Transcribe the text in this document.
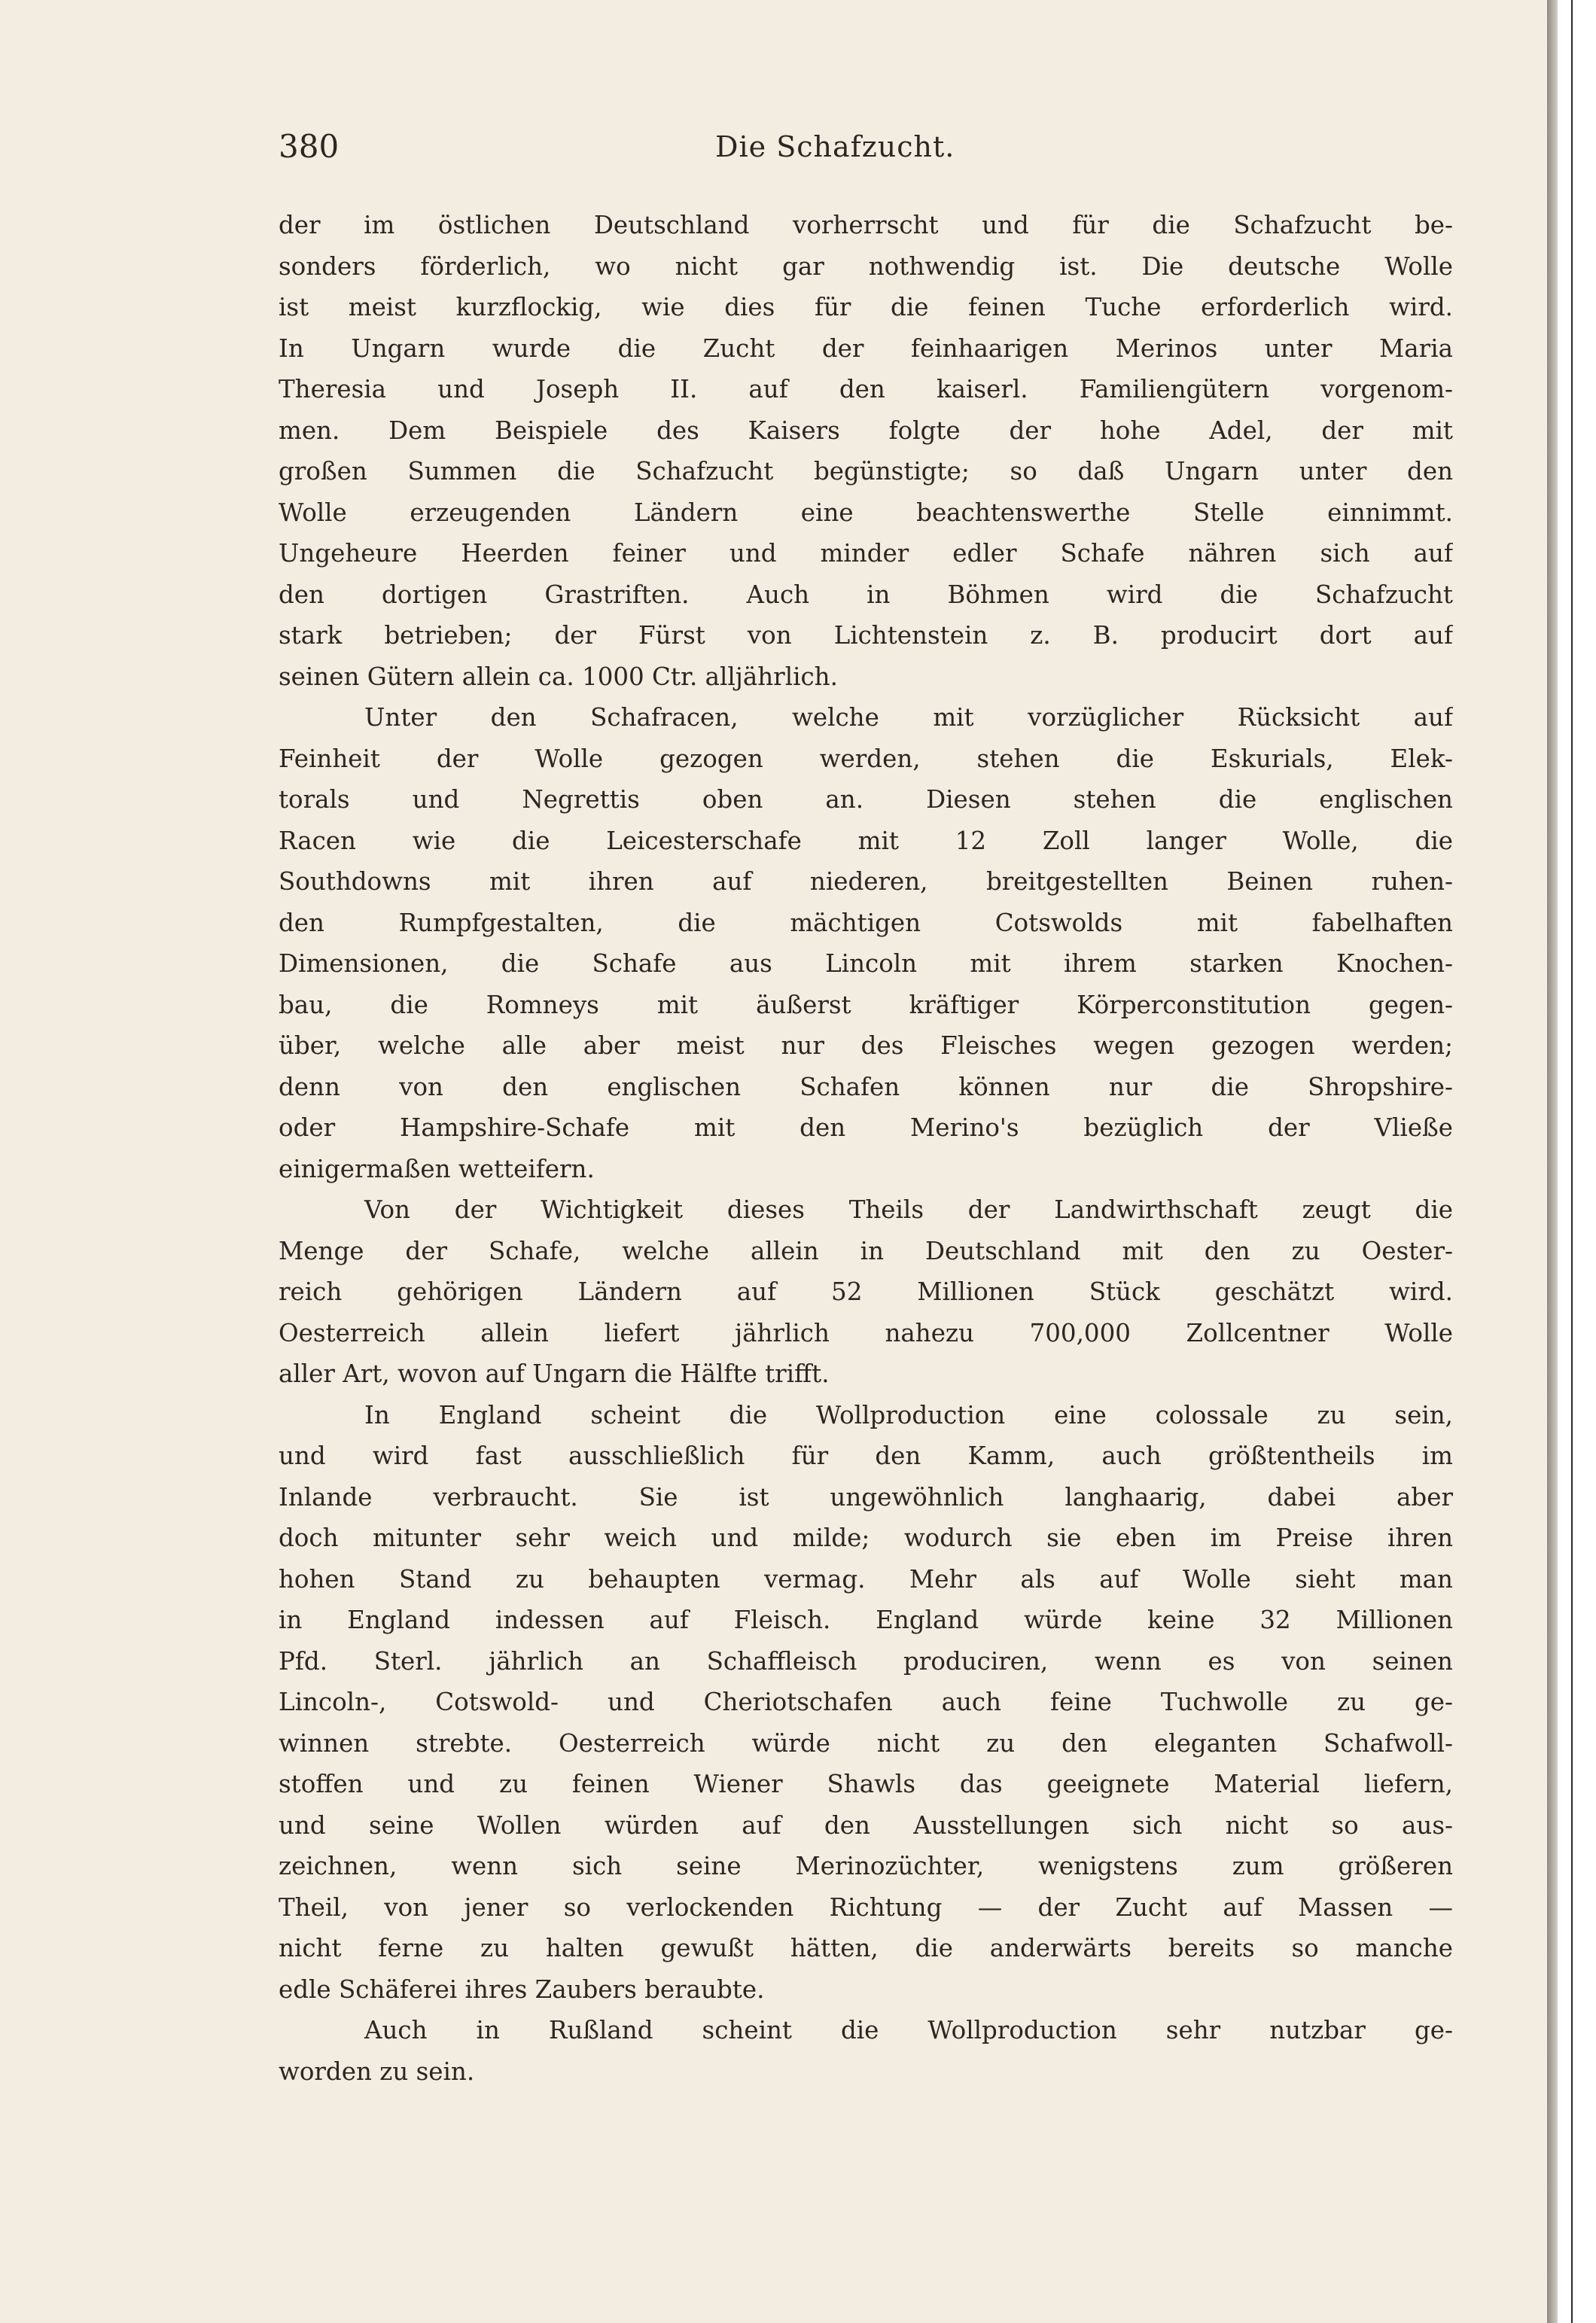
380	Die Schafzucht.
der im östlichen Deutschland vorherrscht und für die Schafzucht be-
sonders förderlich, wo nicht gar nothwendig ist. Die deutsche Wolle
ist meist kurzflockig, wie dies für die feinen Tuche erforderlich wird.
In Ungarn wurde die Zucht der feinhaarigen Merinos unter Maria
Theresia und Joseph II. auf den kaiserl. Familiengütern vorgenom-
men. Dem Beispiele des Kaisers folgte der hohe Adel, der mit
großen Summen die Schafzucht begünstigte; so daß Ungarn unter den
Wolle erzeugenden Ländern eine beachtenswerthe Stelle einnimmt.
Ungeheure Heerden feiner und minder edler Schafe nähren sich auf
den dortigen Grastriften. Auch in Böhmen wird die Schafzucht
stark betrieben; der Fürst von Lichtenstein z. B. producirt dort auf
seinen Gütern allein ca. 1000 Ctr. alljährlich.
Unter den Schafracen, welche mit vorzüglicher Rücksicht auf
Feinheit der Wolle gezogen werden, stehen die Eskurials, Elek-
torals und Negrettis oben an. Diesen stehen die englischen
Racen wie die Leicesterschafe mit 12 Zoll langer Wolle, die
Southdowns mit ihren auf niederen, breitgestellten Beinen ruhen-
den Rumpfgestalten, die mächtigen Cotswolds mit fabelhaften
Dimensionen, die Schafe aus Lincoln mit ihrem starken Knochen-
bau, die Romneys mit äußerst kräftiger Körperconstitution gegen-
über, welche alle aber meist nur des Fleisches wegen gezogen werden;
denn von den englischen Schafen können nur die Shropshire-
oder Hampshire-Schafe mit den Merino's bezüglich der Vließe
einigermaßen wetteifern.
Von der Wichtigkeit dieses Theils der Landwirthschaft zeugt die
Menge der Schafe, welche allein in Deutschland mit den zu Oester-
reich gehörigen Ländern auf 52 Millionen Stück geschätzt wird.
Oesterreich allein liefert jährlich nahezu 700,000 Zollcentner Wolle
aller Art, wovon auf Ungarn die Hälfte trifft.
In England scheint die Wollproduction eine colossale zu sein,
und wird fast ausschließlich für den Kamm, auch größtentheils im
Inlande verbraucht. Sie ist ungewöhnlich langhaarig, dabei aber
doch mitunter sehr weich und milde; wodurch sie eben im Preise ihren
hohen Stand zu behaupten vermag. Mehr als auf Wolle sieht man
in England indessen auf Fleisch. England würde keine 32 Millionen
Pfd. Sterl. jährlich an Schaffleisch produciren, wenn es von seinen
Lincoln-, Cotswold- und Cheriotschafen auch feine Tuchwolle zu ge-
winnen strebte. Oesterreich würde nicht zu den eleganten Schafwoll-
stoffen und zu feinen Wiener Shawls das geeignete Material liefern,
und seine Wollen würden auf den Ausstellungen sich nicht so aus-
zeichnen, wenn sich seine Merinozüchter, wenigstens zum größeren
Theil, von jener so verlockenden Richtung — der Zucht auf Massen —
nicht ferne zu halten gewußt hätten, die anderwärts bereits so manche
edle Schäferei ihres Zaubers beraubte.
Auch in Rußland scheint die Wollproduction sehr nutzbar ge-
worden zu sein.
